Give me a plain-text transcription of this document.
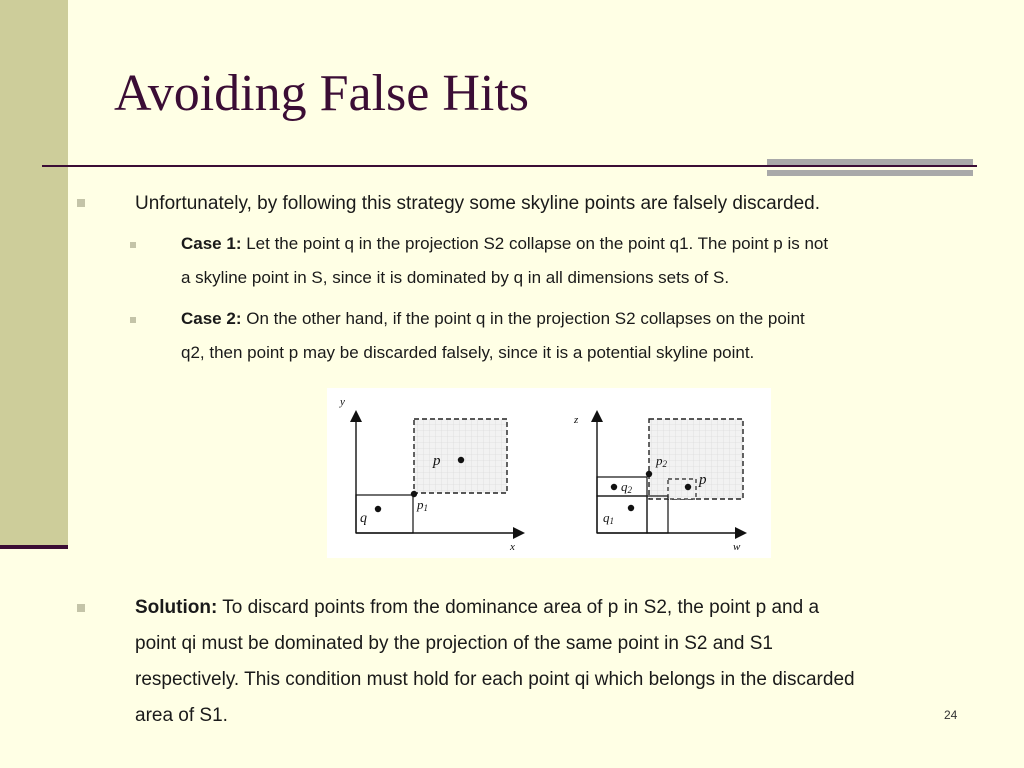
Avoiding False Hits
Unfortunately, by following this strategy some skyline points are falsely discarded.
Case 1: Let the point q in the projection S2 collapse on the point q1. The point p is not
a skyline point in S, since it is dominated by q in all dimensions sets of S.
Case 2: On the other hand, if the point q in the projection S2 collapses on the point
q2, then point p may be discarded falsely, since it is a potential skyline point.
y
x
p
p1
q
z
w
p2
p
q2
q1
Solution: To discard points from the dominance area of p in S2, the point p and a
point qi must be dominated by the projection of the same point in S2 and S1
respectively. This condition must hold for each point qi which belongs in the discarded
area of S1.	24
